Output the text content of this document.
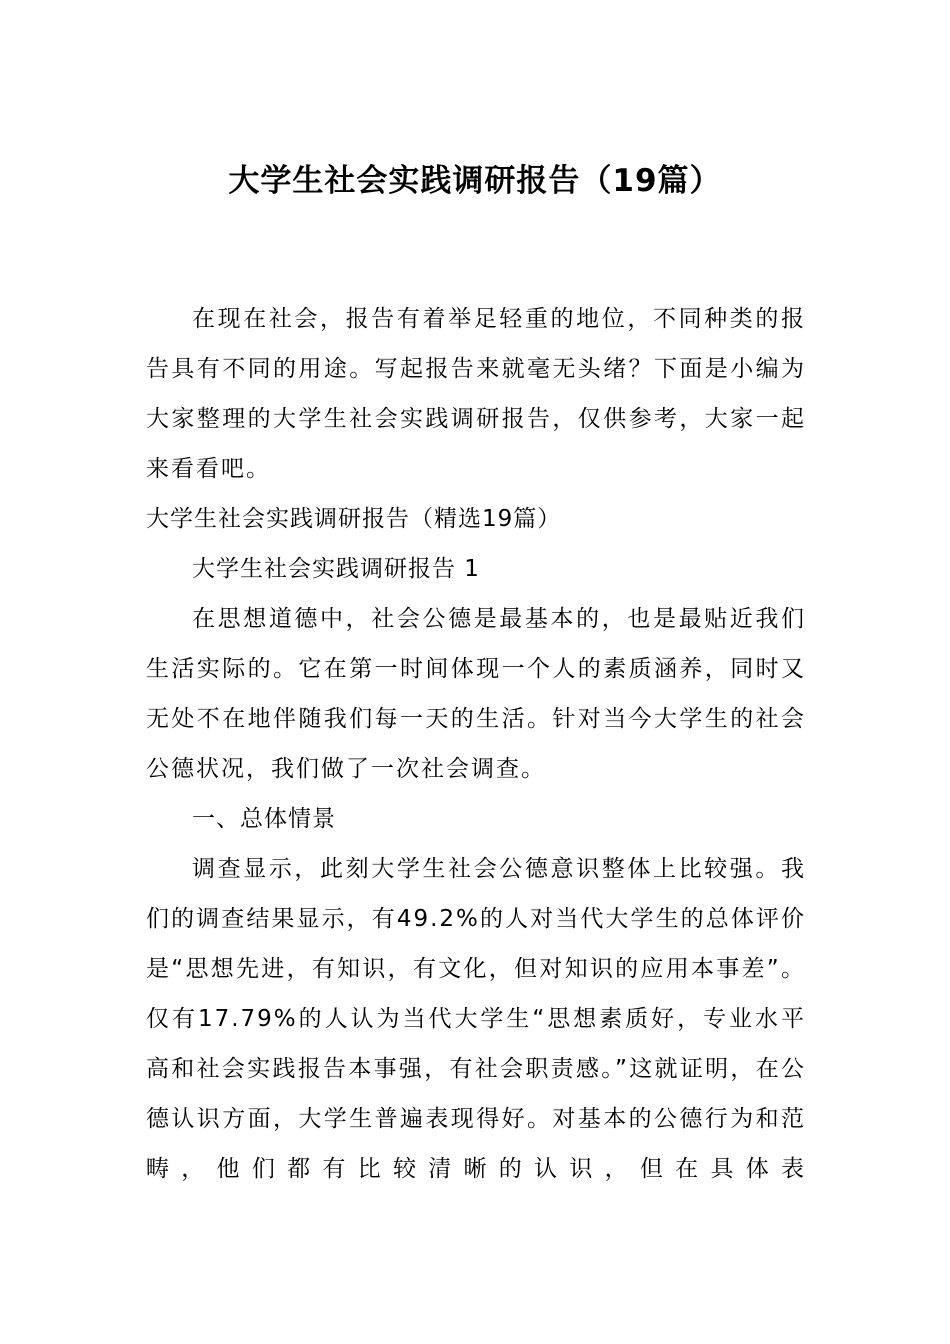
大学生社会实践调研报告（19篇）

在现在社会，报告有着举足轻重的地位，不同种类的报告具有不同的用途。写起报告来就毫无头绪？下面是小编为大家整理的大学生社会实践调研报告，仅供参考，大家一起来看看吧。

大学生社会实践调研报告（精选19篇）

大学生社会实践调研报告 1

在思想道德中，社会公德是最基本的，也是最贴近我们生活实际的。它在第一时间体现一个人的素质涵养，同时又无处不在地伴随我们每一天的生活。针对当今大学生的社会公德状况，我们做了一次社会调查。

一、总体情景

调查显示，此刻大学生社会公德意识整体上比较强。我们的调查结果显示，有49.2%的人对当代大学生的总体评价是“思想先进，有知识，有文化，但对知识的应用本事差”。仅有17.79%的人认为当代大学生“思想素质好，专业水平高和社会实践报告本事强，有社会职责感。”这就证明，在公德认识方面，大学生普遍表现得好。对基本的公德行为和范畴，他们都有比较清晰的认识，但在具体表
